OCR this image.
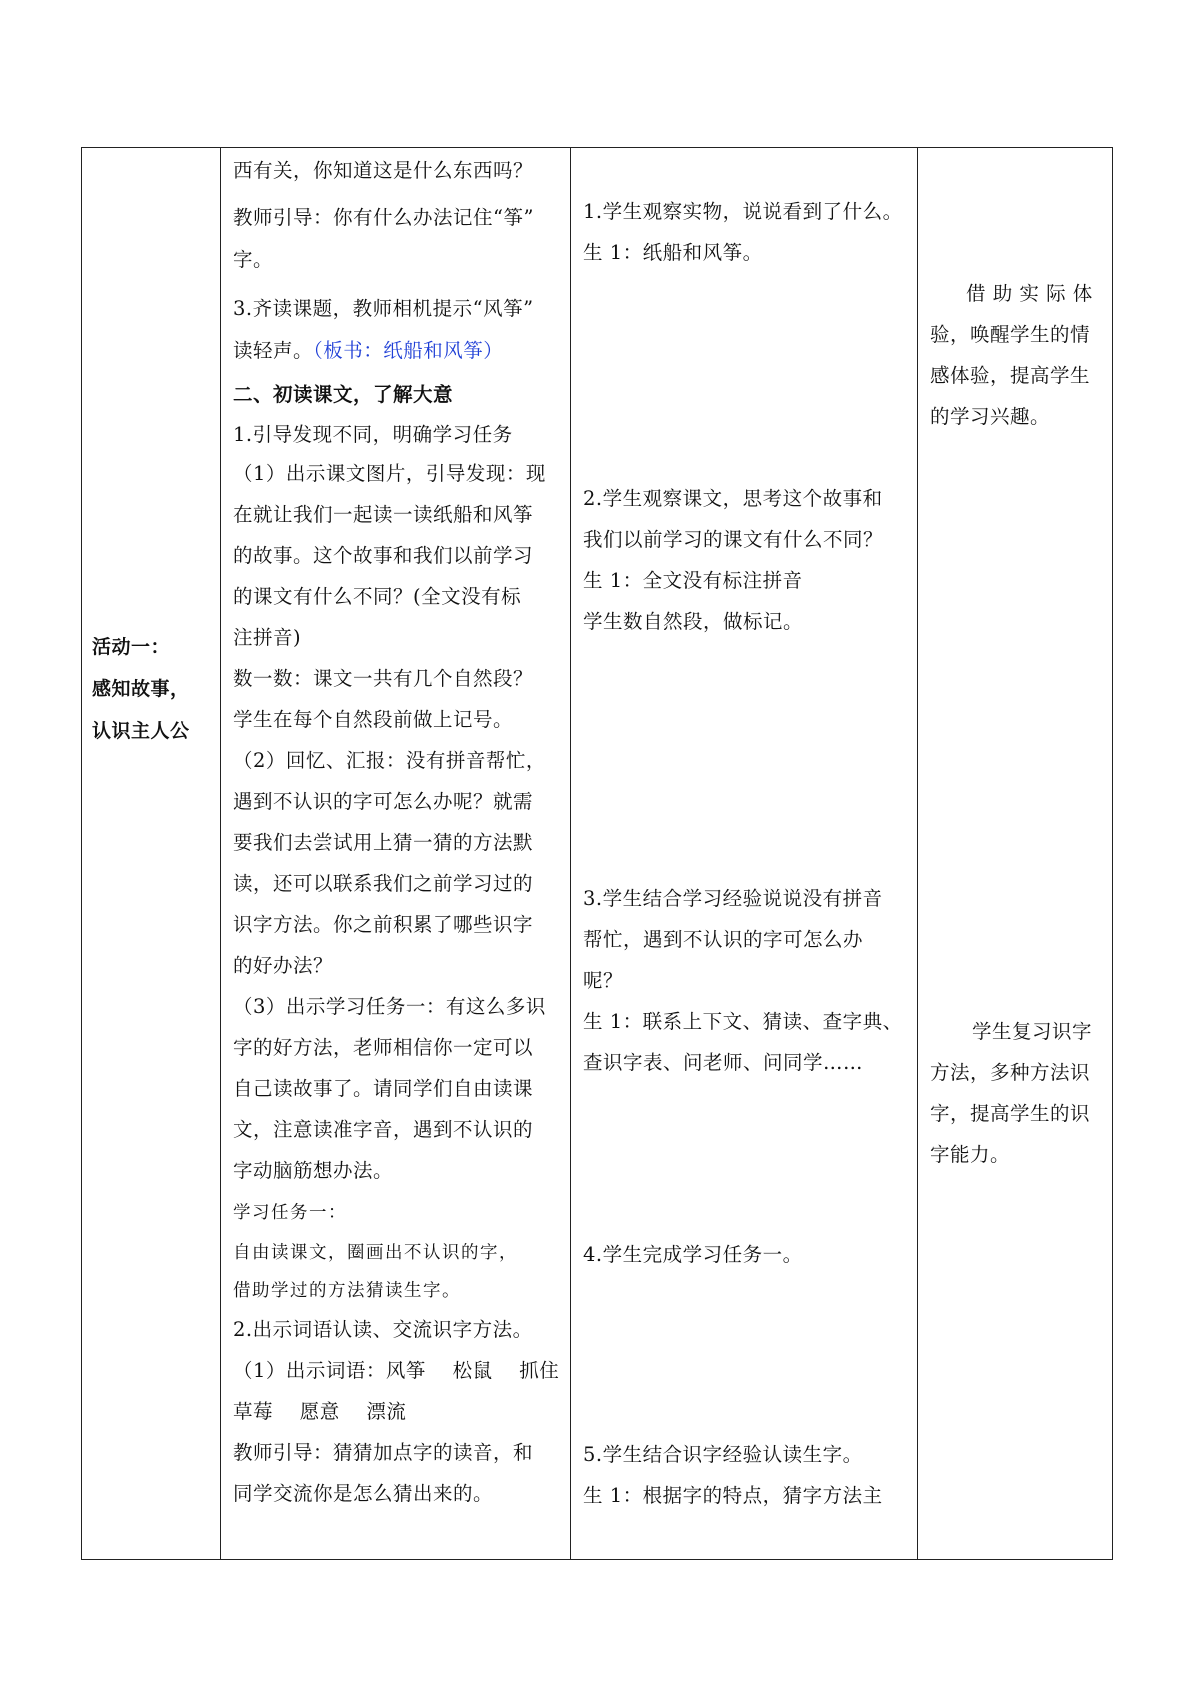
活动一：
感知故事，
认识主人公
西有关，你知道这是什么东西吗？
教师引导：你有什么办法记住“筝”
字。
3.齐读课题，教师相机提示“风筝”
读轻声。（板书：纸船和风筝）
二、初读课文，了解大意
1.引导发现不同，明确学习任务
（1）出示课文图片，引导发现：现
在就让我们一起读一读纸船和风筝
的故事。这个故事和我们以前学习
的课文有什么不同？(全文没有标
注拼音)
数一数：课文一共有几个自然段？
学生在每个自然段前做上记号。
（2）回忆、汇报：没有拼音帮忙，
遇到不认识的字可怎么办呢？就需
要我们去尝试用上猜一猜的方法默
读，还可以联系我们之前学习过的
识字方法。你之前积累了哪些识字
的好办法？
（3）出示学习任务一：有这么多识
字的好方法，老师相信你一定可以
自己读故事了。请同学们自由读课
文，注意读准字音，遇到不认识的
字动脑筋想办法。
学习任务一：
自由读课文，圈画出不认识的字，
借助学过的方法猜读生字。
2.出示词语认读、交流识字方法。
（1）出示词语：风筝　 松鼠　 抓住
草莓　 愿意　 漂流
教师引导：猜猜加点字的读音，和
同学交流你是怎么猜出来的。
1.学生观察实物，说说看到了什么。
生 1：纸船和风筝。
2.学生观察课文，思考这个故事和
我们以前学习的课文有什么不同？
生 1：全文没有标注拼音
学生数自然段，做标记。
3.学生结合学习经验说说没有拼音
帮忙，遇到不认识的字可怎么办
呢？
生 1：联系上下文、猜读、查字典、
查识字表、问老师、问同学……
4.学生完成学习任务一。
5.学生结合识字经验认读生字。
生 1：根据字的特点，猜字方法主
借 助 实 际 体
验，唤醒学生的情
感体验，提高学生
的学习兴趣。
学生复习识字
方法，多种方法识
字，提高学生的识
字能力。
